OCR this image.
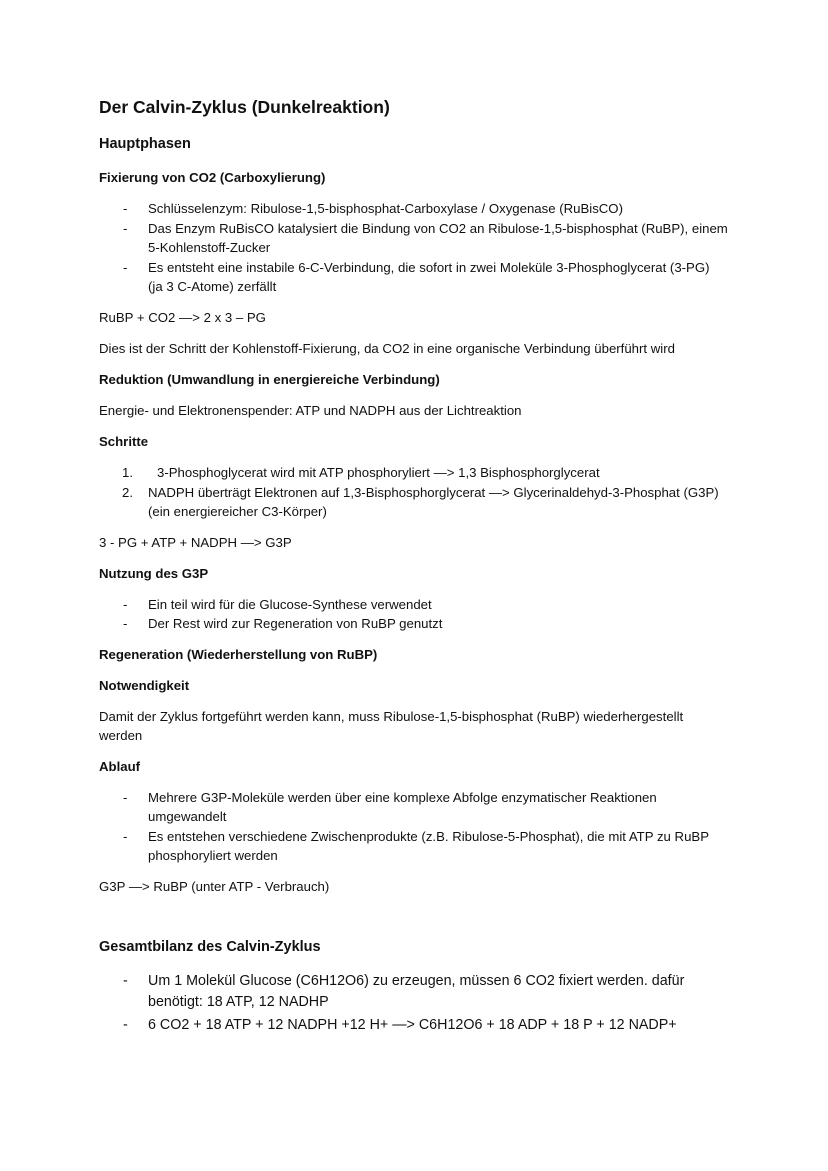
Der Calvin-Zyklus (Dunkelreaktion)
Hauptphasen
Fixierung von CO2 (Carboxylierung)
- Schlüsselenzym: Ribulose-1,5-bisphosphat-Carboxylase / Oxygenase (RuBisCO)
- Das Enzym RuBisCO katalysiert die Bindung von CO2 an Ribulose-1,5-bisphosphat (RuBP), einem
5-Kohlenstoff-Zucker
- Es entsteht eine instabile 6-C-Verbindung, die sofort in zwei Moleküle 3-Phosphoglycerat (3-PG)
(ja 3 C-Atome) zerfällt
RuBP + CO2 —> 2 x 3 – PG
Dies ist der Schritt der Kohlenstoff-Fixierung, da CO2 in eine organische Verbindung überführt wird
Reduktion (Umwandlung in energiereiche Verbindung)
Energie- und Elektronenspender: ATP und NADPH aus der Lichtreaktion
Schritte
1. 3-Phosphoglycerat wird mit ATP phosphoryliert —> 1,3 Bisphosphorglycerat
2. NADPH überträgt Elektronen auf 1,3-Bisphosphorglycerat —> Glycerinaldehyd-3-Phosphat (G3P)
(ein energiereicher C3-Körper)
3 - PG + ATP + NADPH —> G3P
Nutzung des G3P
- Ein teil wird für die Glucose-Synthese verwendet
- Der Rest wird zur Regeneration von RuBP genutzt
Regeneration (Wiederherstellung von RuBP)
Notwendigkeit
Damit der Zyklus fortgeführt werden kann, muss Ribulose-1,5-bisphosphat (RuBP) wiederhergestellt
werden
Ablauf
- Mehrere G3P-Moleküle werden über eine komplexe Abfolge enzymatischer Reaktionen
umgewandelt
- Es entstehen verschiedene Zwischenprodukte (z.B. Ribulose-5-Phosphat), die mit ATP zu RuBP
phosphoryliert werden
G3P —> RuBP (unter ATP - Verbrauch)
Gesamtbilanz des Calvin-Zyklus
- Um 1 Molekül Glucose (C6H12O6) zu erzeugen, müssen 6 CO2 fixiert werden. dafür
benötigt: 18 ATP, 12 NADHP
- 6 CO2 + 18 ATP + 12 NADPH +12 H+ —> C6H12O6 + 18 ADP + 18 P + 12 NADP+
